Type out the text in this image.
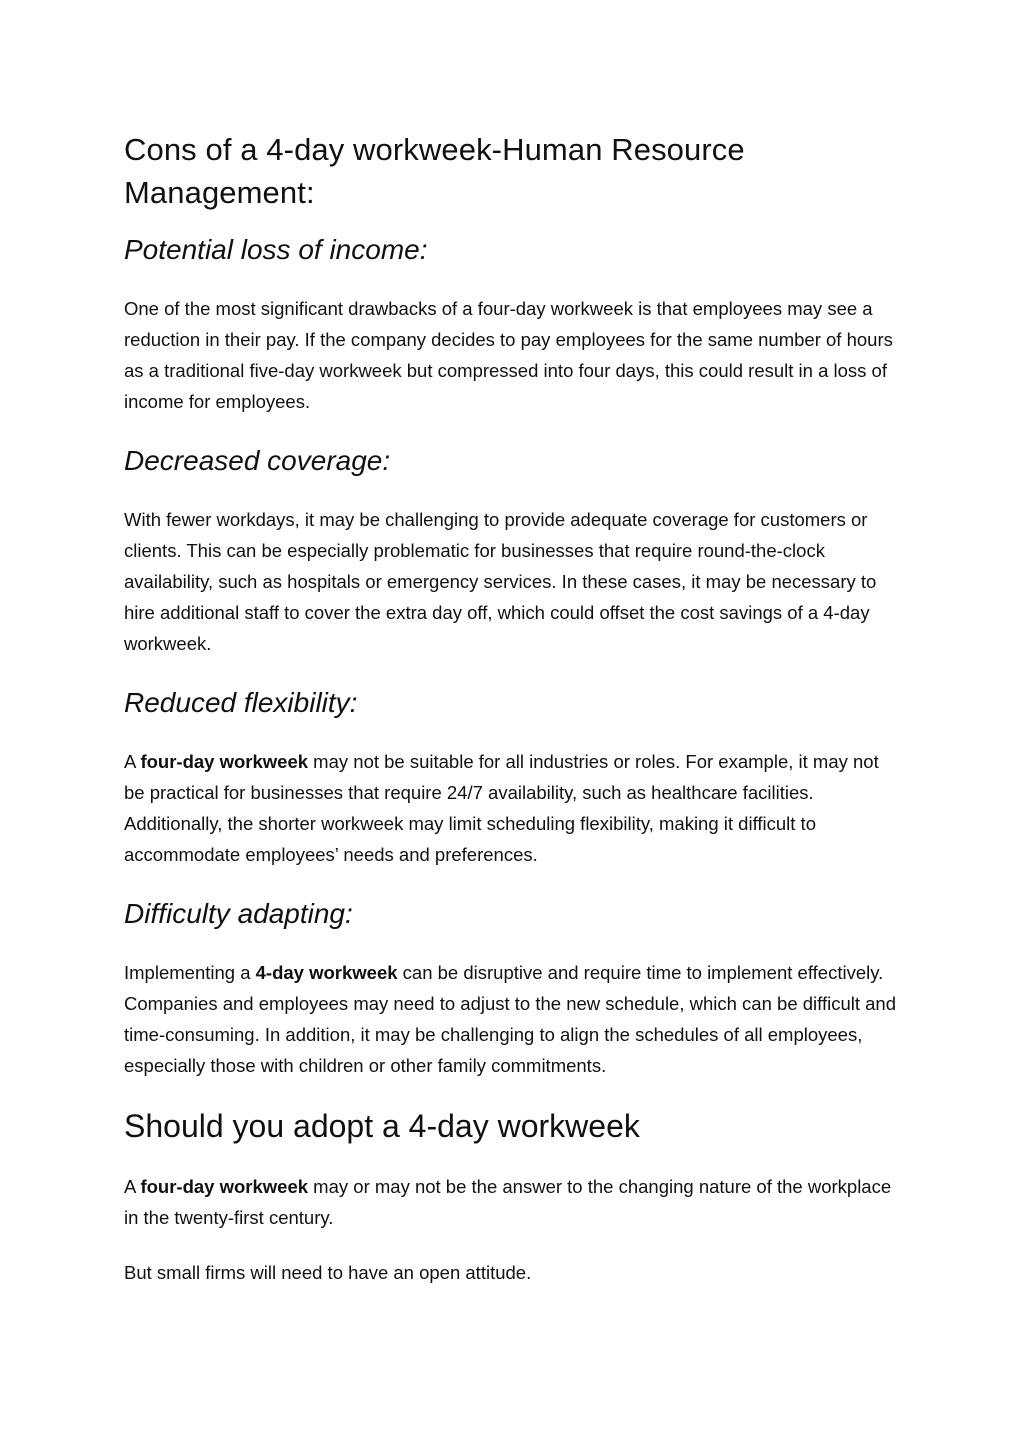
Cons of a 4-day workweek-Human Resource Management:
Potential loss of income:

One of the most significant drawbacks of a four-day workweek is that employees may see a reduction in their pay. If the company decides to pay employees for the same number of hours as a traditional five-day workweek but compressed into four days, this could result in a loss of income for employees.

Decreased coverage:

With fewer workdays, it may be challenging to provide adequate coverage for customers or clients. This can be especially problematic for businesses that require round-the-clock availability, such as hospitals or emergency services. In these cases, it may be necessary to hire additional staff to cover the extra day off, which could offset the cost savings of a 4-day workweek.

Reduced flexibility:

A four-day workweek may not be suitable for all industries or roles. For example, it may not be practical for businesses that require 24/7 availability, such as healthcare facilities. Additionally, the shorter workweek may limit scheduling flexibility, making it difficult to accommodate employees’ needs and preferences.

Difficulty adapting:

Implementing a 4-day workweek can be disruptive and require time to implement effectively. Companies and employees may need to adjust to the new schedule, which can be difficult and time-consuming. In addition, it may be challenging to align the schedules of all employees, especially those with children or other family commitments.

Should you adopt a 4-day workweek

A four-day workweek may or may not be the answer to the changing nature of the workplace in the twenty-first century.

But small firms will need to have an open attitude.
